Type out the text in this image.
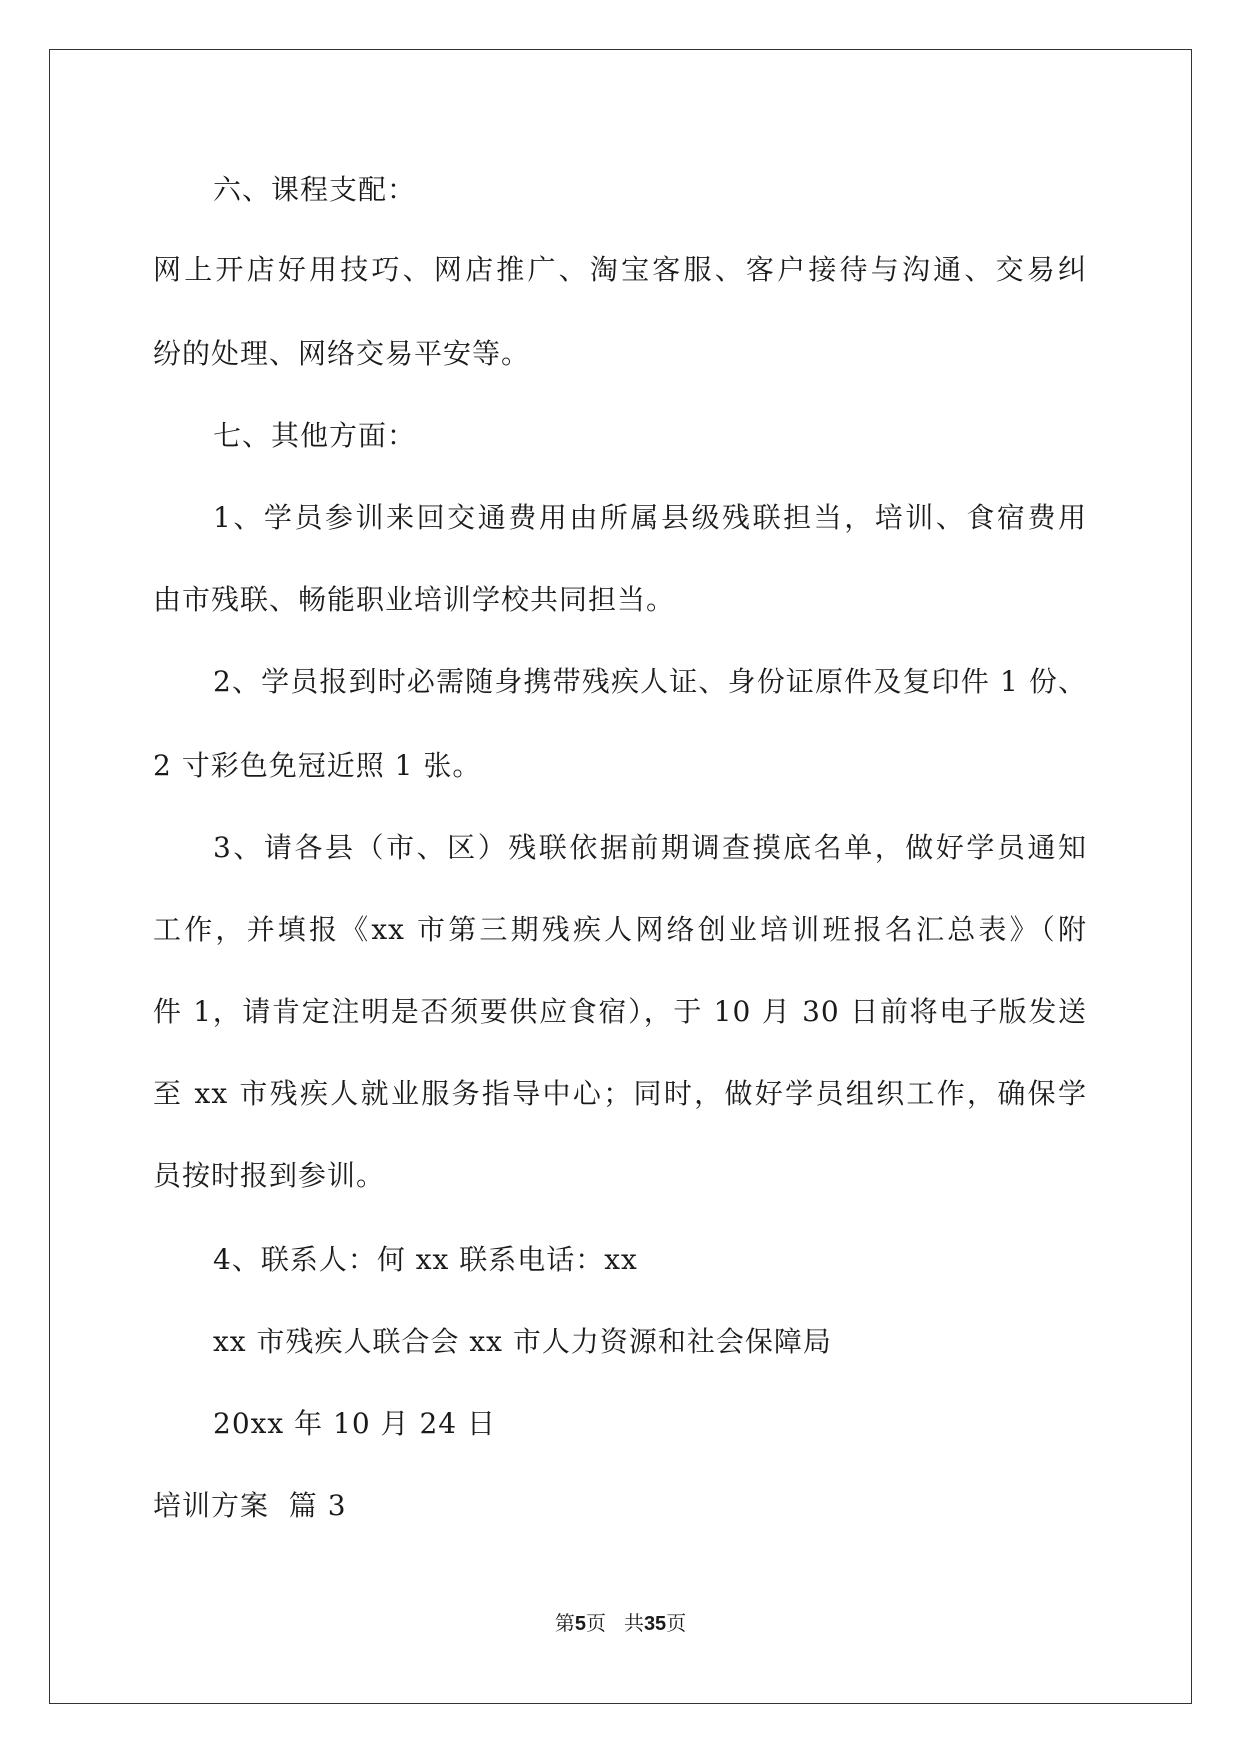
六、课程支配：
网上开店好用技巧、网店推广、淘宝客服、客户接待与沟通、交易纠
纷的处理、网络交易平安等。
七、其他方面：
1、学员参训来回交通费用由所属县级残联担当，培训、食宿费用
由市残联、畅能职业培训学校共同担当。
2、学员报到时必需随身携带残疾人证、身份证原件及复印件 1 份、
2 寸彩色免冠近照 1 张。
3、请各县（市、区）残联依据前期调查摸底名单，做好学员通知
工作，并填报《xx 市第三期残疾人网络创业培训班报名汇总表》（附
件 1，请肯定注明是否须要供应食宿），于 10 月 30 日前将电子版发送
至 xx 市残疾人就业服务指导中心；同时，做好学员组织工作，确保学
员按时报到参训。
4、联系人：何 xx 联系电话：xx
xx 市残疾人联合会 xx 市人力资源和社会保障局
20xx 年 10 月 24 日
培训方案  篇 3
第5页 共35页
